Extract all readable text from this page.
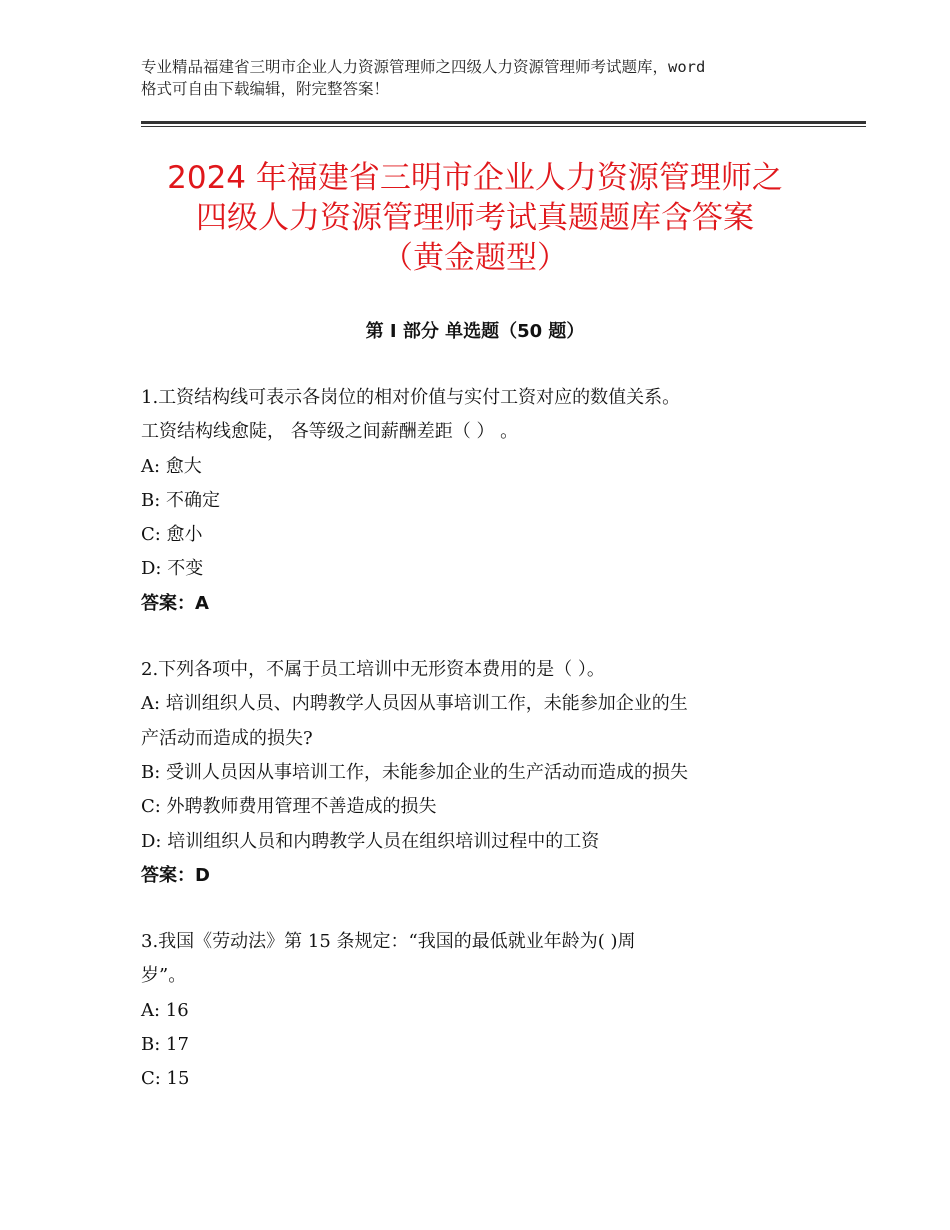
专业精品福建省三明市企业人力资源管理师之四级人力资源管理师考试题库，word
格式可自由下载编辑，附完整答案！
2024 年福建省三明市企业人力资源管理师之
四级人力资源管理师考试真题题库含答案
（黄金题型）
第 I 部分 单选题（50 题）
1.工资结构线可表示各岗位的相对价值与实付工资对应的数值关系。
工资结构线愈陡， 各等级之间薪酬差距（ ） 。
A: 愈大
B: 不确定
C: 愈小
D: 不变
答案：A
2.下列各项中，不属于员工培训中无形资本费用的是（ ）。
A: 培训组织人员、内聘教学人员因从事培训工作，未能参加企业的生
产活动而造成的损失?
B: 受训人员因从事培训工作，未能参加企业的生产活动而造成的损失
C: 外聘教师费用管理不善造成的损失
D: 培训组织人员和内聘教学人员在组织培训过程中的工资
答案：D
3.我国《劳动法》第 15 条规定：“我国的最低就业年龄为( )周
岁”。
A: 16
B: 17
C: 15
